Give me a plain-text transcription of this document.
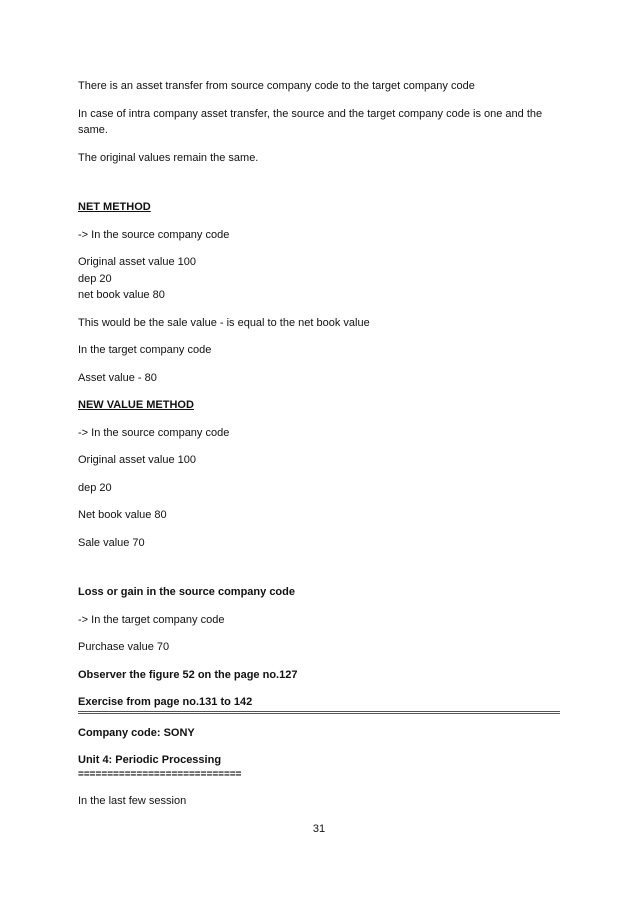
There is an asset transfer from source company code to the target company code

In case of intra company asset transfer, the source and the target company code is one and the same.

The original values remain the same.

NET METHOD

-> In the source company code

Original asset value 100

dep 20

net book value 80

This would be the sale value - is equal to the net book value

In the target company code

Asset value - 80

NEW VALUE METHOD

-> In the source company code

Original asset value 100

dep 20

Net book value 80

Sale value 70

Loss or gain in the source company code

-> In the target company code

Purchase value 70

Observer the figure 52 on the page no.127

Exercise from page no.131 to 142

Company code: SONY

Unit 4: Periodic Processing

============================

In the last few session

31
